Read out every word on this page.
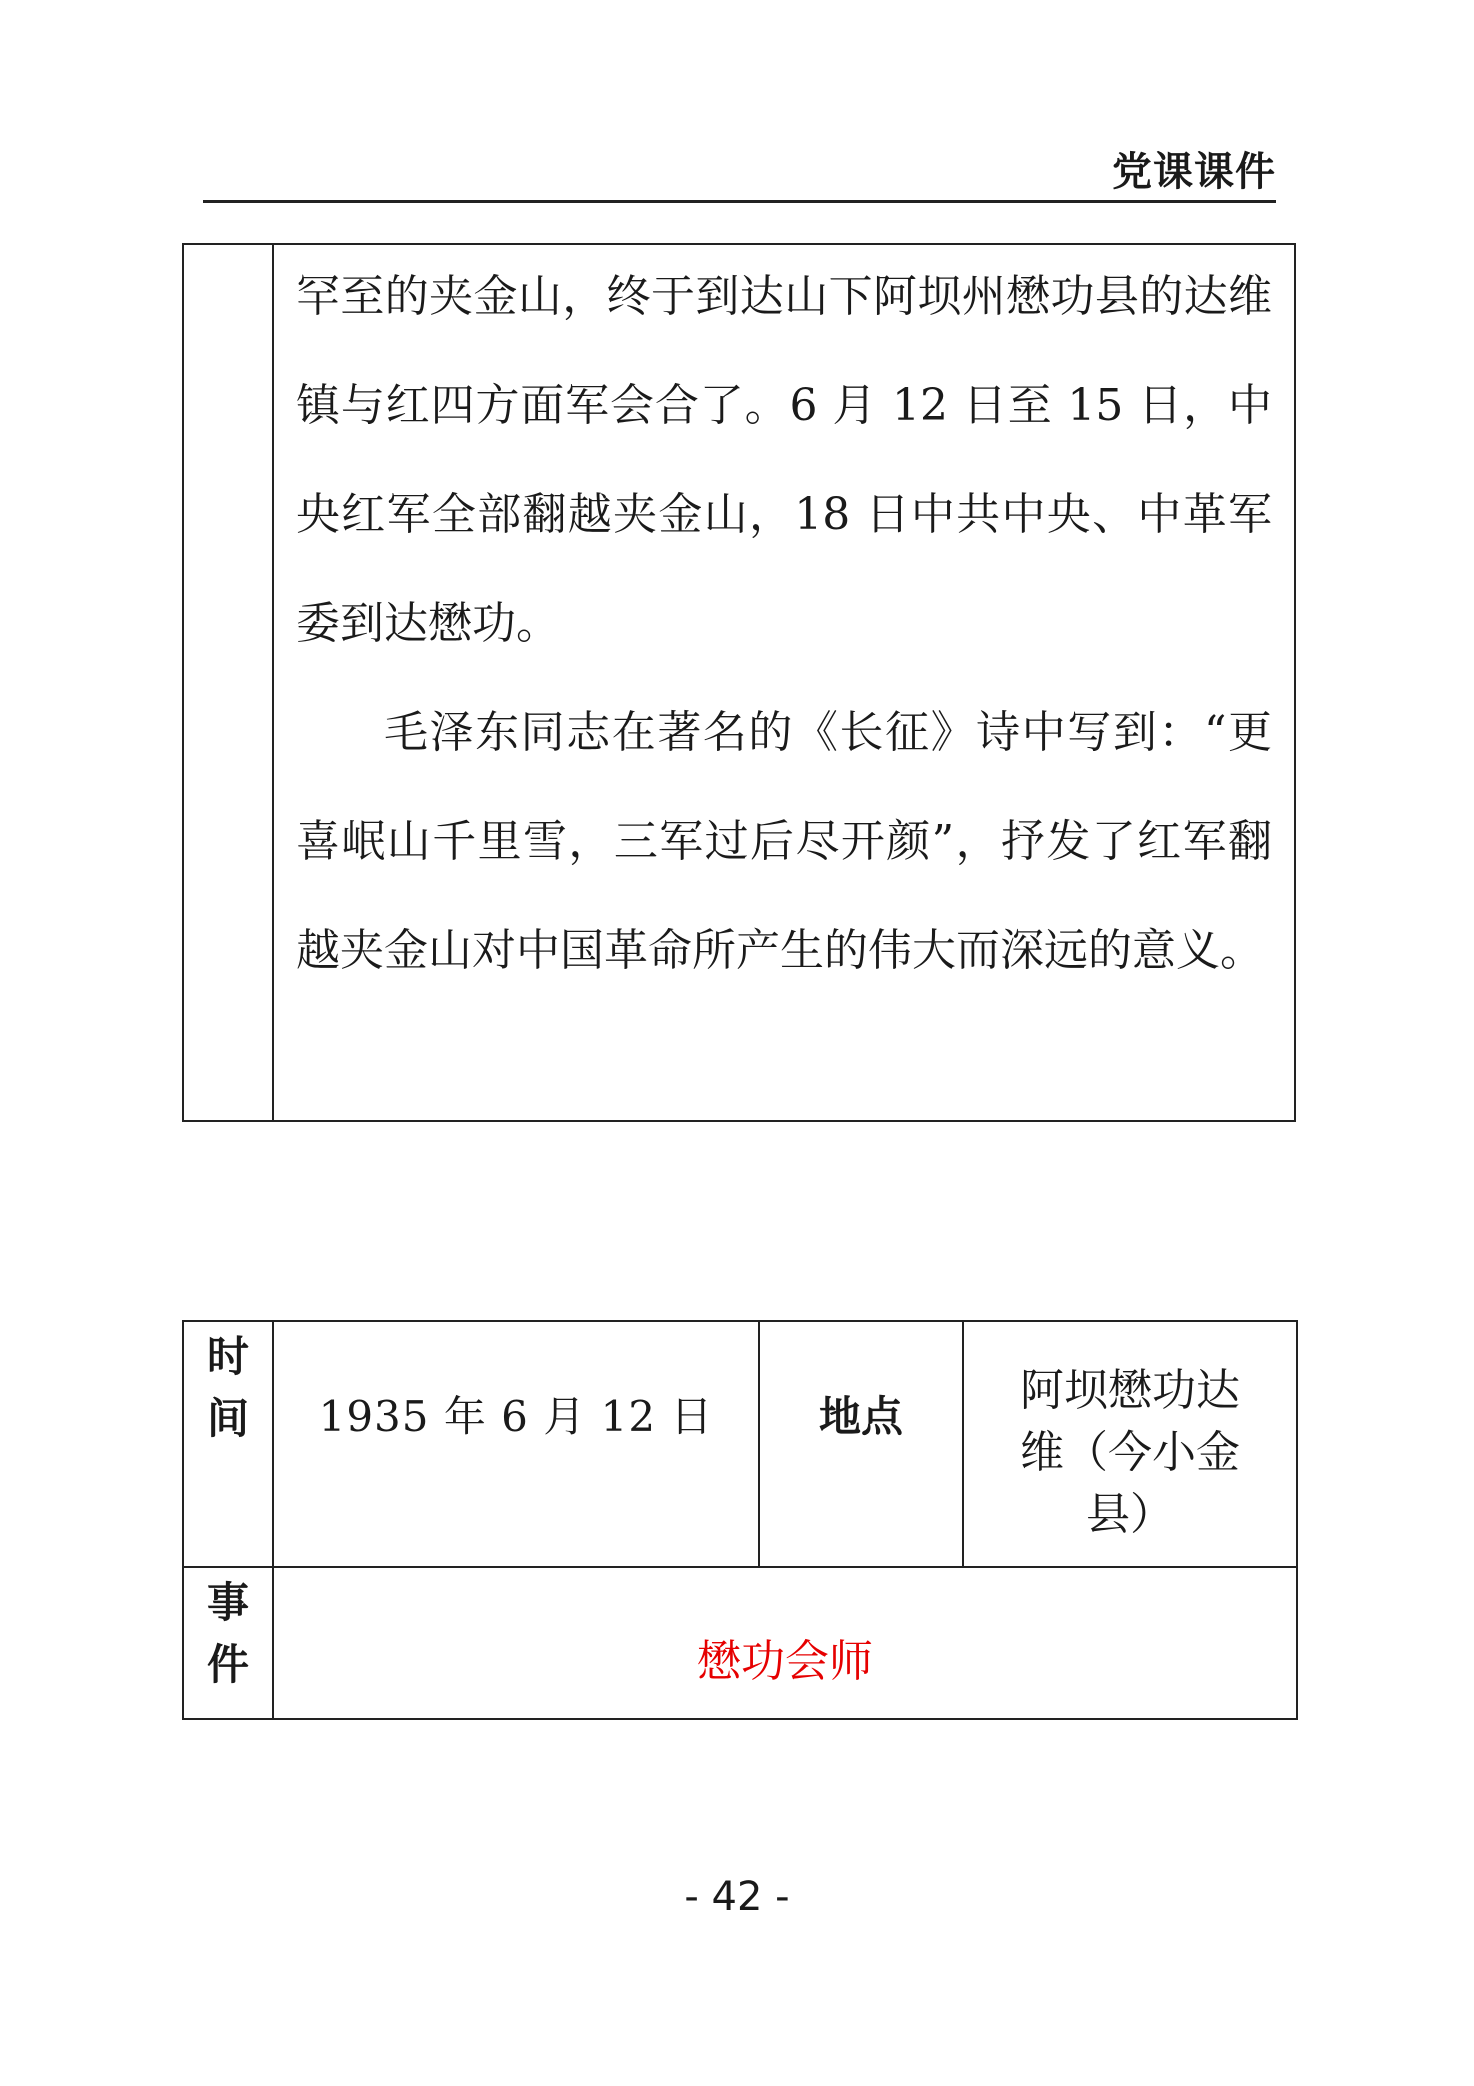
党课课件

罕至的夹金山，终于到达山下阿坝州懋功县的达维镇与红四方面军会合了。6 月 12 日至 15 日，中央红军全部翻越夹金山，18 日中共中央、中革军委到达懋功。

毛泽东同志在著名的《长征》诗中写到：“更喜岷山千里雪，三军过后尽开颜”，抒发了红军翻越夹金山对中国革命所产生的伟大而深远的意义。

时间	1935 年 6 月 12 日	地点	阿坝懋功达维（今小金县）
事件	懋功会师		
- 42 -
